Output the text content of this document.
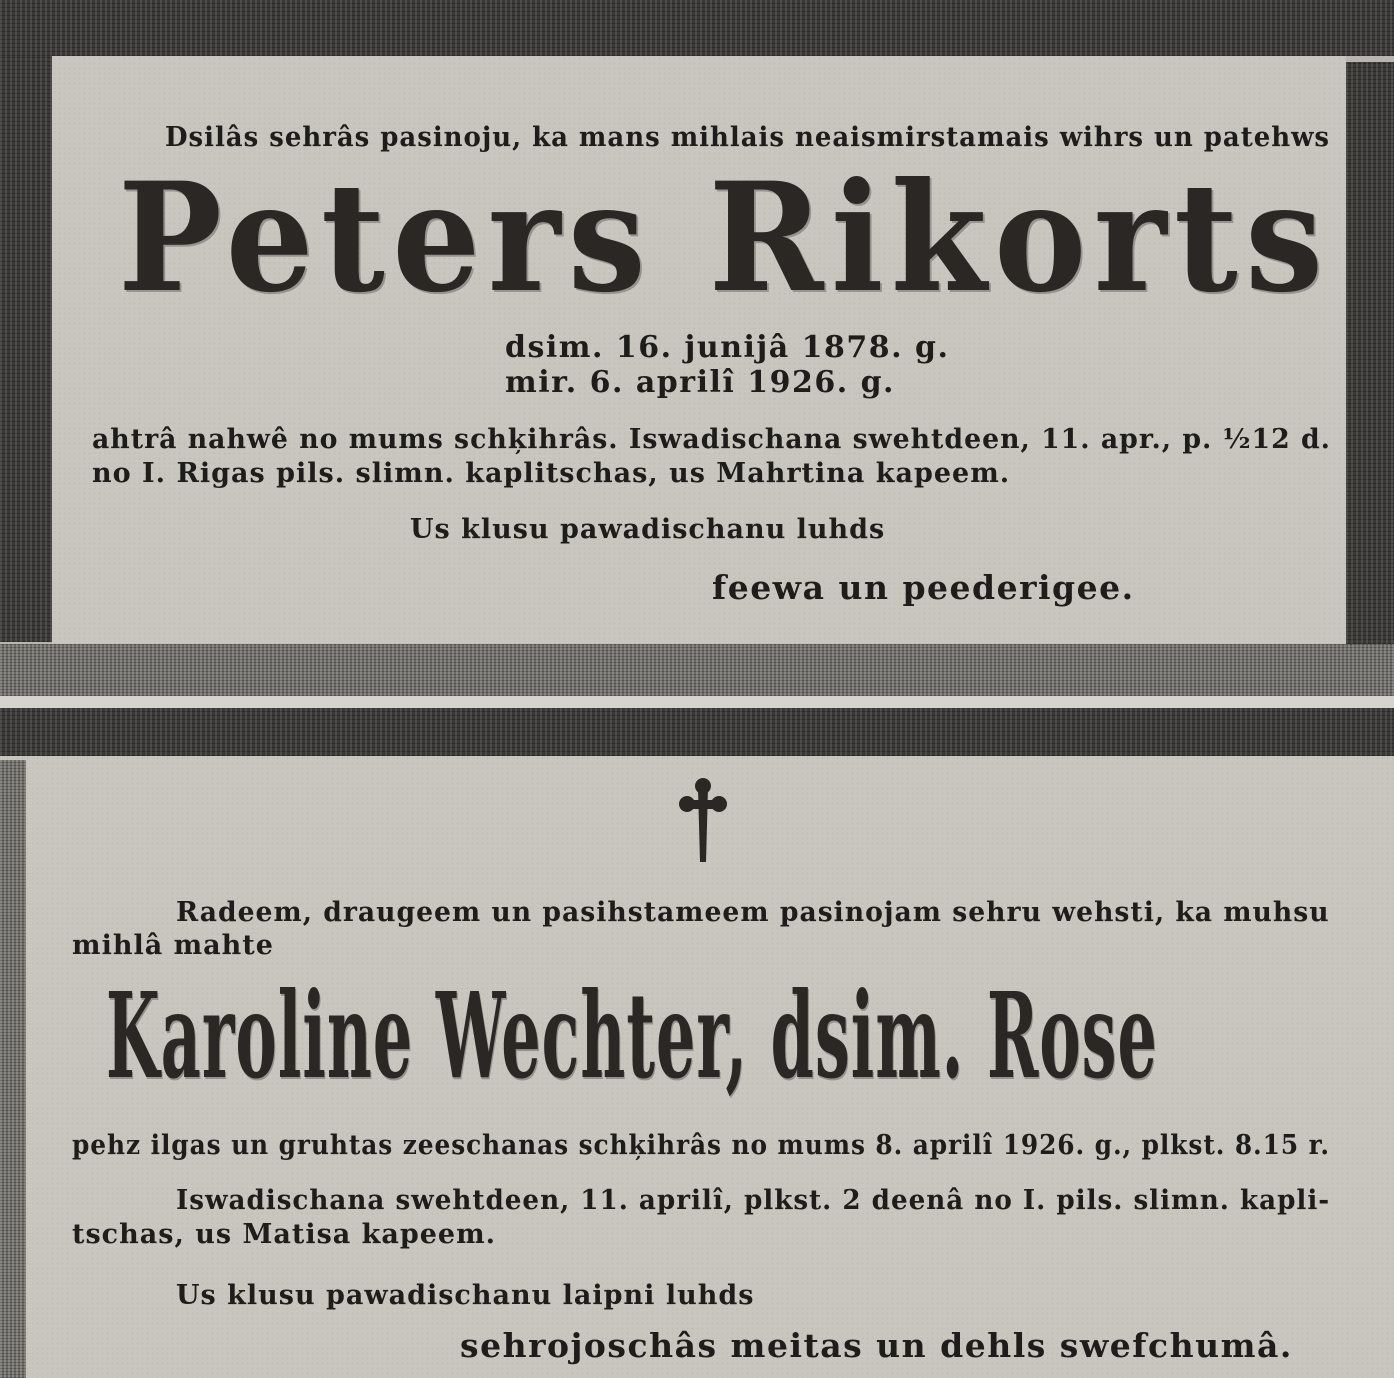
Dsilâs sehrâs pasinoju, ka mans mihlais neaismirstamais wihrs un patehws
Peters Rikorts
dsim. 16. junijâ 1878. g.
mir. 6. aprilî 1926. g.
ahtrâ nahwê no mums schķihrâs. Iswadischana swehtdeen, 11. apr., p. ½12 d.
no I. Rigas pils. slimn. kaplitschas, us Mahrtina kapeem.
Us klusu pawadischanu luhds
feewa un peederigee.
Radeem, draugeem un pasihstameem pasinojam sehru wehsti, ka muhsu
mihlâ mahte
Karoline Wechter, dsim. Rose
pehz ilgas un gruhtas zeeschanas schķihrâs no mums 8. aprilî 1926. g., plkst. 8.15 r.
Iswadischana swehtdeen, 11. aprilî, plkst. 2 deenâ no I. pils. slimn. kapli-
tschas, us Matisa kapeem.
Us klusu pawadischanu laipni luhds
sehrojoschâs meitas un dehls swefchumâ.
